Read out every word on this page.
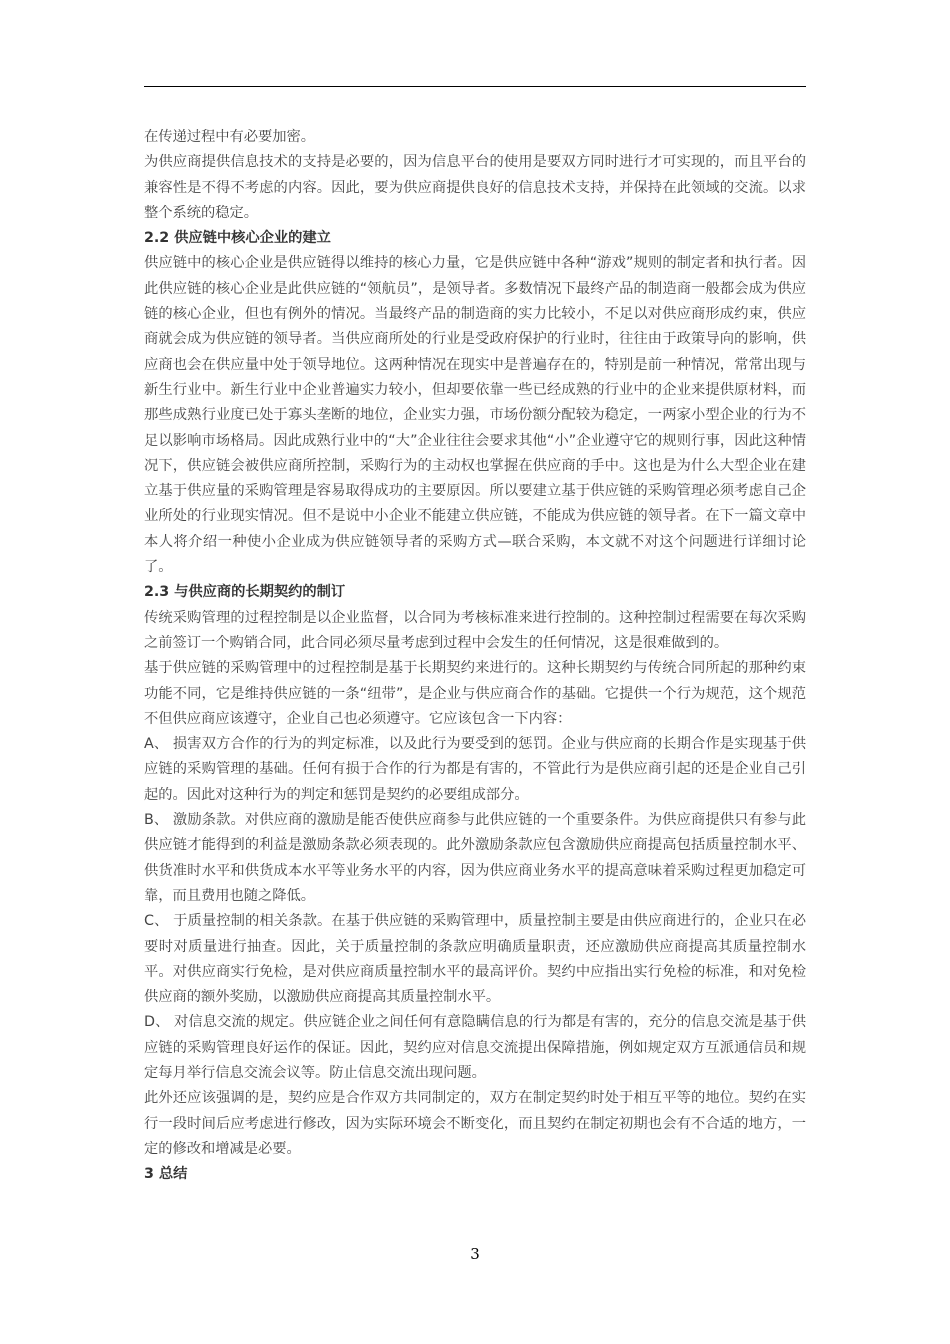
在传递过程中有必要加密。

为供应商提供信息技术的支持是必要的，因为信息平台的使用是要双方同时进行才可实现的，而且平台的兼容性是不得不考虑的内容。因此，要为供应商提供良好的信息技术支持，并保持在此领域的交流。以求整个系统的稳定。

2.2 供应链中核心企业的建立

供应链中的核心企业是供应链得以维持的核心力量，它是供应链中各种“游戏”规则的制定者和执行者。因此供应链的核心企业是此供应链的“领航员”，是领导者。多数情况下最终产品的制造商一般都会成为供应链的核心企业，但也有例外的情况。当最终产品的制造商的实力比较小，不足以对供应商形成约束，供应商就会成为供应链的领导者。当供应商所处的行业是受政府保护的行业时，往往由于政策导向的影响，供应商也会在供应量中处于领导地位。这两种情况在现实中是普遍存在的，特别是前一种情况，常常出现与新生行业中。新生行业中企业普遍实力较小，但却要依靠一些已经成熟的行业中的企业来提供原材料，而那些成熟行业度已处于寡头垄断的地位，企业实力强，市场份额分配较为稳定，一两家小型企业的行为不足以影响市场格局。因此成熟行业中的“大”企业往往会要求其他“小”企业遵守它的规则行事，因此这种情况下，供应链会被供应商所控制，采购行为的主动权也掌握在供应商的手中。这也是为什么大型企业在建立基于供应量的采购管理是容易取得成功的主要原因。所以要建立基于供应链的采购管理必须考虑自己企业所处的行业现实情况。但不是说中小企业不能建立供应链，不能成为供应链的领导者。在下一篇文章中本人将介绍一种使小企业成为供应链领导者的采购方式—联合采购，本文就不对这个问题进行详细讨论了。

2.3 与供应商的长期契约的制订

传统采购管理的过程控制是以企业监督，以合同为考核标准来进行控制的。这种控制过程需要在每次采购之前签订一个购销合同，此合同必须尽量考虑到过程中会发生的任何情况，这是很难做到的。

基于供应链的采购管理中的过程控制是基于长期契约来进行的。这种长期契约与传统合同所起的那种约束功能不同，它是维持供应链的一条“纽带”，是企业与供应商合作的基础。它提供一个行为规范，这个规范不但供应商应该遵守，企业自己也必须遵守。它应该包含一下内容：

A、 损害双方合作的行为的判定标准，以及此行为要受到的惩罚。企业与供应商的长期合作是实现基于供应链的采购管理的基础。任何有损于合作的行为都是有害的，不管此行为是供应商引起的还是企业自己引起的。因此对这种行为的判定和惩罚是契约的必要组成部分。

B、 激励条款。对供应商的激励是能否使供应商参与此供应链的一个重要条件。为供应商提供只有参与此供应链才能得到的利益是激励条款必须表现的。此外激励条款应包含激励供应商提高包括质量控制水平、供货准时水平和供货成本水平等业务水平的内容，因为供应商业务水平的提高意味着采购过程更加稳定可靠，而且费用也随之降低。

C、 于质量控制的相关条款。在基于供应链的采购管理中，质量控制主要是由供应商进行的，企业只在必要时对质量进行抽查。因此，关于质量控制的条款应明确质量职责，还应激励供应商提高其质量控制水平。对供应商实行免检，是对供应商质量控制水平的最高评价。契约中应指出实行免检的标准，和对免检供应商的额外奖励，以激励供应商提高其质量控制水平。

D、 对信息交流的规定。供应链企业之间任何有意隐瞒信息的行为都是有害的，充分的信息交流是基于供应链的采购管理良好运作的保证。因此，契约应对信息交流提出保障措施，例如规定双方互派通信员和规定每月举行信息交流会议等。防止信息交流出现问题。

此外还应该强调的是，契约应是合作双方共同制定的，双方在制定契约时处于相互平等的地位。契约在实行一段时间后应考虑进行修改，因为实际环境会不断变化，而且契约在制定初期也会有不合适的地方，一定的修改和增减是必要。

3 总结
3
